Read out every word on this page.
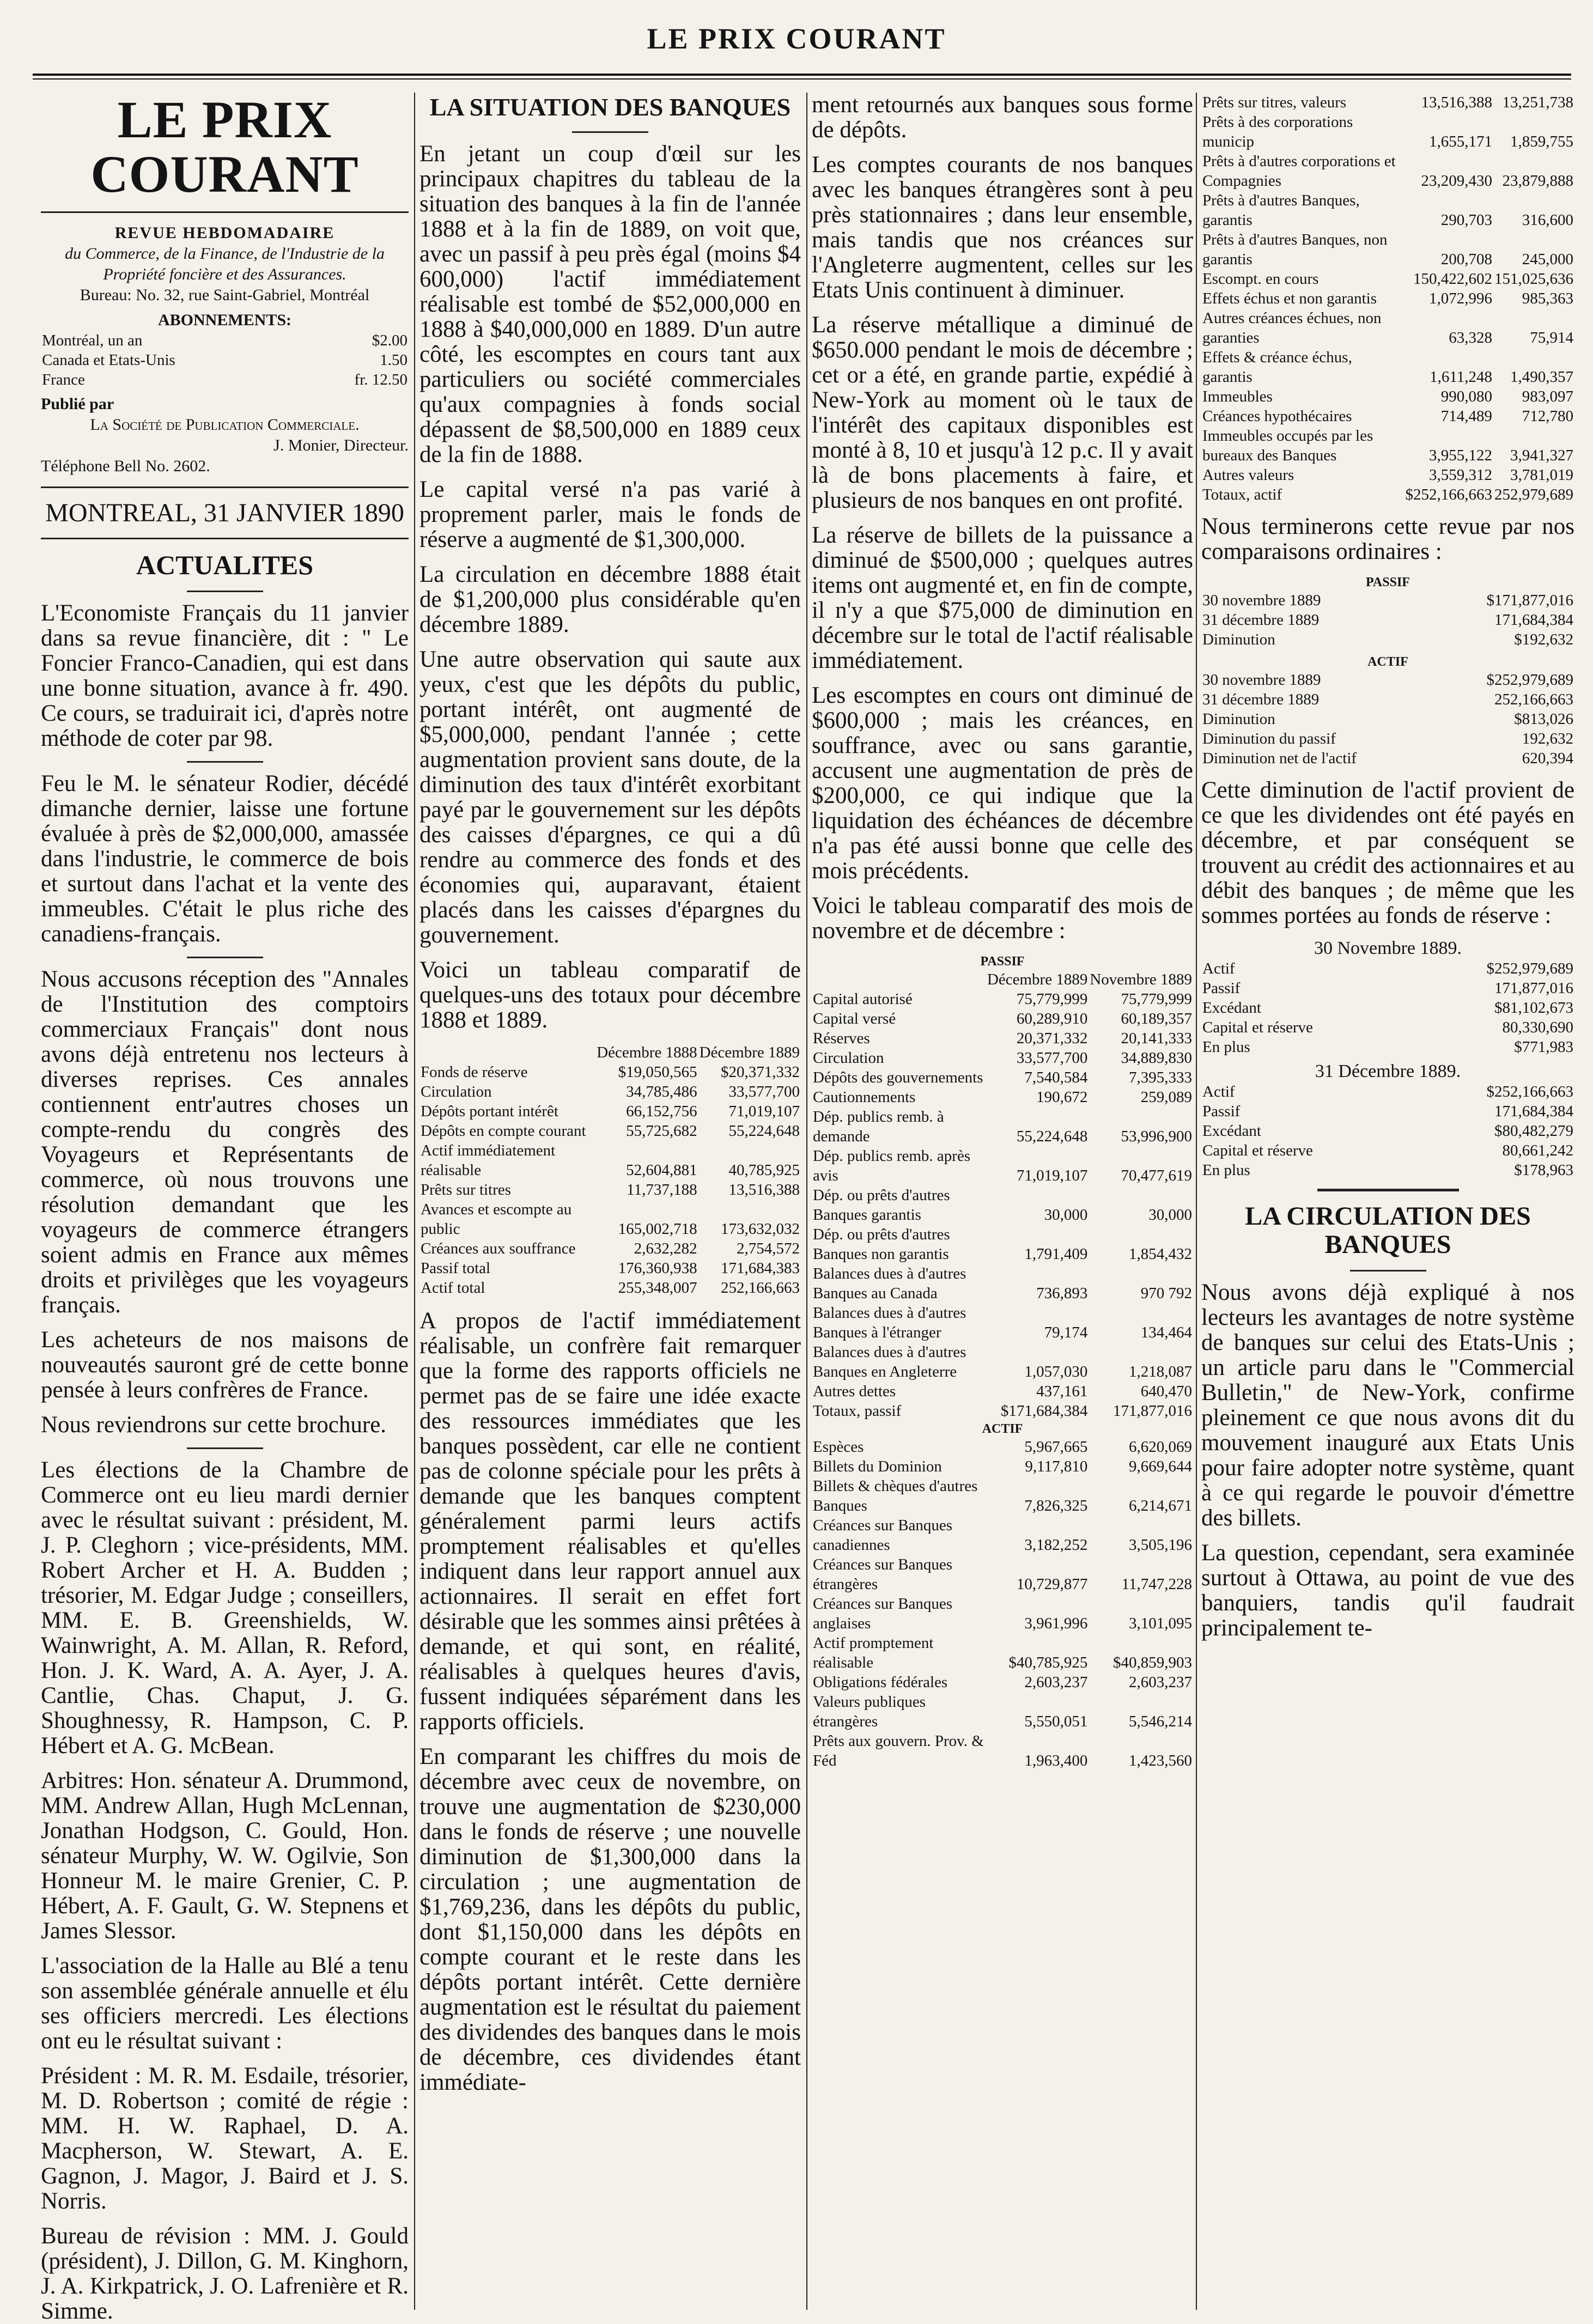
LE PRIX COURANT
LE PRIX COURANT
REVUE HEBDOMADAIRE
du Commerce, de la Finance, de l'Industrie de la Propriété foncière et des Assurances.
Bureau: No. 32, rue Saint-Gabriel, Montréal
ABONNEMENTS:
Montréal, un an	$2.00
Canada et Etats-Unis	1.50
France	fr. 12.50
Publié par
La Société de Publication Commerciale.
J. Monier, Directeur.
Téléphone Bell No. 2602.
MONTREAL, 31 JANVIER 1890
ACTUALITES

L'Economiste Français du 11 janvier dans sa revue financière, dit : " Le Foncier Franco-Canadien, qui est dans une bonne situation, avance à fr. 490. Ce cours, se traduirait ici, d'après notre méthode de coter par 98.

Feu le M. le sénateur Rodier, décédé dimanche dernier, laisse une fortune évaluée à près de $2,000,000, amassée dans l'industrie, le commerce de bois et surtout dans l'achat et la vente des immeubles. C'était le plus riche des canadiens-français.

Nous accusons réception des "Annales de l'Institution des comptoirs commerciaux Français" dont nous avons déjà entretenu nos lecteurs à diverses reprises. Ces annales contiennent entr'autres choses un compte-rendu du congrès des Voyageurs et Représentants de commerce, où nous trouvons une résolution demandant que les voyageurs de commerce étrangers soient admis en France aux mêmes droits et privilèges que les voyageurs français.

Les acheteurs de nos maisons de nouveautés sauront gré de cette bonne pensée à leurs confrères de France.

Nous reviendrons sur cette brochure.

Les élections de la Chambre de Commerce ont eu lieu mardi dernier avec le résultat suivant : président, M. J. P. Cleghorn ; vice-présidents, MM. Robert Archer et H. A. Budden ; trésorier, M. Edgar Judge ; conseillers, MM. E. B. Greenshields, W. Wainwright, A. M. Allan, R. Reford, Hon. J. K. Ward, A. A. Ayer, J. A. Cantlie, Chas. Chaput, J. G. Shoughnessy, R. Hampson, C. P. Hébert et A. G. McBean.

Arbitres: Hon. sénateur A. Drummond, MM. Andrew Allan, Hugh McLennan, Jonathan Hodgson, C. Gould, Hon. sénateur Murphy, W. W. Ogilvie, Son Honneur M. le maire Grenier, C. P. Hébert, A. F. Gault, G. W. Stepnens et James Slessor.

L'association de la Halle au Blé a tenu son assemblée générale annuelle et élu ses officiers mercredi. Les élections ont eu le résultat suivant :

Président : M. R. M. Esdaile, trésorier, M. D. Robertson ; comité de régie : MM. H. W. Raphael, D. A. Macpherson, W. Stewart, A. E. Gagnon, J. Magor, J. Baird et J. S. Norris.

Bureau de révision : MM. J. Gould (président), J. Dillon, G. M. Kinghorn, J. A. Kirkpatrick, J. O. Lafrenière et R. Simme.

LA SITUATION DES BANQUES

En jetant un coup d'œil sur les principaux chapitres du tableau de la situation des banques à la fin de l'année 1888 et à la fin de 1889, on voit que, avec un passif à peu près égal (moins $4 600,000) l'actif immédiatement réalisable est tombé de $52,000,000 en 1888 à $40,000,000 en 1889. D'un autre côté, les escomptes en cours tant aux particuliers ou société commerciales qu'aux compagnies à fonds social dépassent de $8,500,000 en 1889 ceux de la fin de 1888.

Le capital versé n'a pas varié à proprement parler, mais le fonds de réserve a augmenté de $1,300,000.

La circulation en décembre 1888 était de $1,200,000 plus considérable qu'en décembre 1889.

Une autre observation qui saute aux yeux, c'est que les dépôts du public, portant intérêt, ont augmenté de $5,000,000, pendant l'année ; cette augmentation provient sans doute, de la diminution des taux d'intérêt exorbitant payé par le gouvernement sur les dépôts des caisses d'épargnes, ce qui a dû rendre au commerce des fonds et des économies qui, auparavant, étaient placés dans les caisses d'épargnes du gouvernement.

Voici un tableau comparatif de quelques-uns des totaux pour décembre 1888 et 1889.

	Décembre 1888	Décembre 1889
Fonds de réserve	$19,050,565	$20,371,332
Circulation	34,785,486	33,577,700
Dépôts portant intérêt	66,152,756	71,019,107
Dépôts en compte courant	55,725,682	55,224,648
Actif immédiatement réalisable	52,604,881	40,785,925
Prêts sur titres	11,737,188	13,516,388
Avances et escompte au public	165,002,718	173,632,032
Créances aux souffrance	2,632,282	2,754,572
Passif total	176,360,938	171,684,383
Actif total	255,348,007	252,166,663

A propos de l'actif immédiatement réalisable, un confrère fait remarquer que la forme des rapports officiels ne permet pas de se faire une idée exacte des ressources immédiates que les banques possèdent, car elle ne contient pas de colonne spéciale pour les prêts à demande que les banques comptent généralement parmi leurs actifs promptement réalisables et qu'elles indiquent dans leur rapport annuel aux actionnaires. Il serait en effet fort désirable que les sommes ainsi prêtées à demande, et qui sont, en réalité, réalisables à quelques heures d'avis, fussent indiquées séparément dans les rapports officiels.

En comparant les chiffres du mois de décembre avec ceux de novembre, on trouve une augmentation de $230,000 dans le fonds de réserve ; une nouvelle diminution de $1,300,000 dans la circulation ; une augmentation de $1,769,236, dans les dépôts du public, dont $1,150,000 dans les dépôts en compte courant et le reste dans les dépôts portant intérêt. Cette dernière augmentation est le résultat du paiement des dividendes des banques dans le mois de décembre, ces dividendes étant immédiate-

ment retournés aux banques sous forme de dépôts.

Les comptes courants de nos banques avec les banques étrangères sont à peu près stationnaires ; dans leur ensemble, mais tandis que nos créances sur l'Angleterre augmentent, celles sur les Etats Unis continuent à diminuer.

La réserve métallique a diminué de $650.000 pendant le mois de décembre ; cet or a été, en grande partie, expédié à New-York au moment où le taux de l'intérêt des capitaux disponibles est monté à 8, 10 et jusqu'à 12 p.c. Il y avait là de bons placements à faire, et plusieurs de nos banques en ont profité.

La réserve de billets de la puissance a diminué de $500,000 ; quelques autres items ont augmenté et, en fin de compte, il n'y a que $75,000 de diminution en décembre sur le total de l'actif réalisable immédiatement.

Les escomptes en cours ont diminué de $600,000 ; mais les créances, en souffrance, avec ou sans garantie, accusent une augmentation de près de $200,000, ce qui indique que la liquidation des échéances de décembre n'a pas été aussi bonne que celle des mois précédents.

Voici le tableau comparatif des mois de novembre et de décembre :

PASSIF
	Décembre 1889	Novembre 1889
Capital autorisé	75,779,999	75,779,999
Capital versé	60,289,910	60,189,357
Réserves	20,371,332	20,141,333
Circulation	33,577,700	34,889,830
Dépôts des gouvernements	7,540,584	7,395,333
Cautionnements	190,672	259,089
Dép. publics remb. à demande	55,224,648	53,996,900
Dép. publics remb. après avis	71,019,107	70,477,619
Dép. ou prêts d'autres Banques garantis	30,000	30,000
Dép. ou prêts d'autres Banques non garantis	1,791,409	1,854,432
Balances dues à d'autres Banques au Canada	736,893	970 792
Balances dues à d'autres Banques à l'étranger	79,174	134,464
Balances dues à d'autres Banques en Angleterre	1,057,030	1,218,087
Autres dettes	437,161	640,470
Totaux, passif	$171,684,384	171,877,016
ACTIF		
Espèces	5,967,665	6,620,069
Billets du Dominion	9,117,810	9,669,644
Billets & chèques d'autres Banques	7,826,325	6,214,671
Créances sur Banques canadiennes	3,182,252	3,505,196
Créances sur Banques étrangères	10,729,877	11,747,228
Créances sur Banques anglaises	3,961,996	3,101,095
Actif promptement réalisable	$40,785,925	$40,859,903
Obligations fédérales	2,603,237	2,603,237
Valeurs publiques étrangères	5,550,051	5,546,214
Prêts aux gouvern. Prov. & Féd	1,963,400	1,423,560
Prêts sur titres, valeurs	13,516,388	13,251,738
Prêts à des corporations municip	1,655,171	1,859,755
Prêts à d'autres corporations et Compagnies	23,209,430	23,879,888
Prêts à d'autres Banques, garantis	290,703	316,600
Prêts à d'autres Banques, non garantis	200,708	245,000
Escompt. en cours	150,422,602	151,025,636
Effets échus et non garantis	1,072,996	985,363
Autres créances échues, non garanties	63,328	75,914
Effets & créance échus, garantis	1,611,248	1,490,357
Immeubles	990,080	983,097
Créances hypothécaires	714,489	712,780
Immeubles occupés par les bureaux des Banques	3,955,122	3,941,327
Autres valeurs	3,559,312	3,781,019
Totaux, actif	$252,166,663	252,979,689

Nous terminerons cette revue par nos comparaisons ordinaires :

PASSIF
30 novembre 1889	$171,877,016
31 décembre 1889	171,684,384
Diminution	$192,632
ACTIF
30 novembre 1889	$252,979,689
31 décembre 1889	252,166,663
Diminution	$813,026
Diminution du passif	192,632
Diminution net de l'actif	620,394

Cette diminution de l'actif provient de ce que les dividendes ont été payés en décembre, et par conséquent se trouvent au crédit des actionnaires et au débit des banques ; de même que les sommes portées au fonds de réserve :

30 Novembre 1889.
Actif	$252,979,689
Passif	171,877,016
Excédant	$81,102,673
Capital et réserve	80,330,690
En plus	$771,983
31 Décembre 1889.
Actif	$252,166,663
Passif	171,684,384
Excédant	$80,482,279
Capital et réserve	80,661,242
En plus	$178,963
LA CIRCULATION DES BANQUES

Nous avons déjà expliqué à nos lecteurs les avantages de notre système de banques sur celui des Etats-Unis ; un article paru dans le "Commercial Bulletin," de New-York, confirme pleinement ce que nous avons dit du mouvement inauguré aux Etats Unis pour faire adopter notre système, quant à ce qui regarde le pouvoir d'émettre des billets.

La question, cependant, sera examinée surtout à Ottawa, au point de vue des banquiers, tandis qu'il faudrait principalement te-
